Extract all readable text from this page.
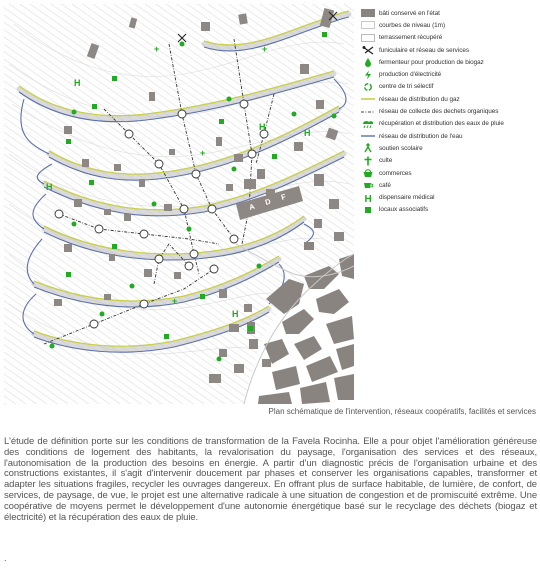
A D F
H
H
H
H
H
+
+
+
+
bâti conservé en l'état
courbes de niveau (1m)
terrassement récupéré
funiculaire et réseau de services
fermenteur pour production de biogaz
production d'électricité
centre de tri sélectif
réseau de distribution du gaz
réseau de collecte des dechets organiques
récupération et distribution des eaux de pluie
réseau de distribution de l'eau
soutien scolaire
culte
commerces
café
H dispensaire médical
locaux associatifs
Plan schématique de l'intervention, réseaux coopératifs, facilités et services
L'étude de définition porte sur les conditions de transformation de la Favela Rocinha. Elle a pour objet l'amélioration généreuse des conditions de logement des habitants, la revalorisation du paysage, l'organisation des services et des réseaux, l'autonomisation de la production des besoins en énergie. A partir d'un diagnostic précis de l'organisation urbaine et des constructions existantes, il s'agit d'intervenir doucement par phases et conserver les organisations capables, transformer et adapter les situations fragiles, recycler les ouvrages dangereux. En offrant plus de surface habitable, de lumière, de confort, de services, de paysage, de vue, le projet est une alternative radicale à une situation de congestion et de promiscuité extrême. Une coopérative de moyens permet le développement d'une autonomie énergétique basé sur le recyclage des déchets (biogaz et électricité) et la récupération des eaux de pluie.
.
